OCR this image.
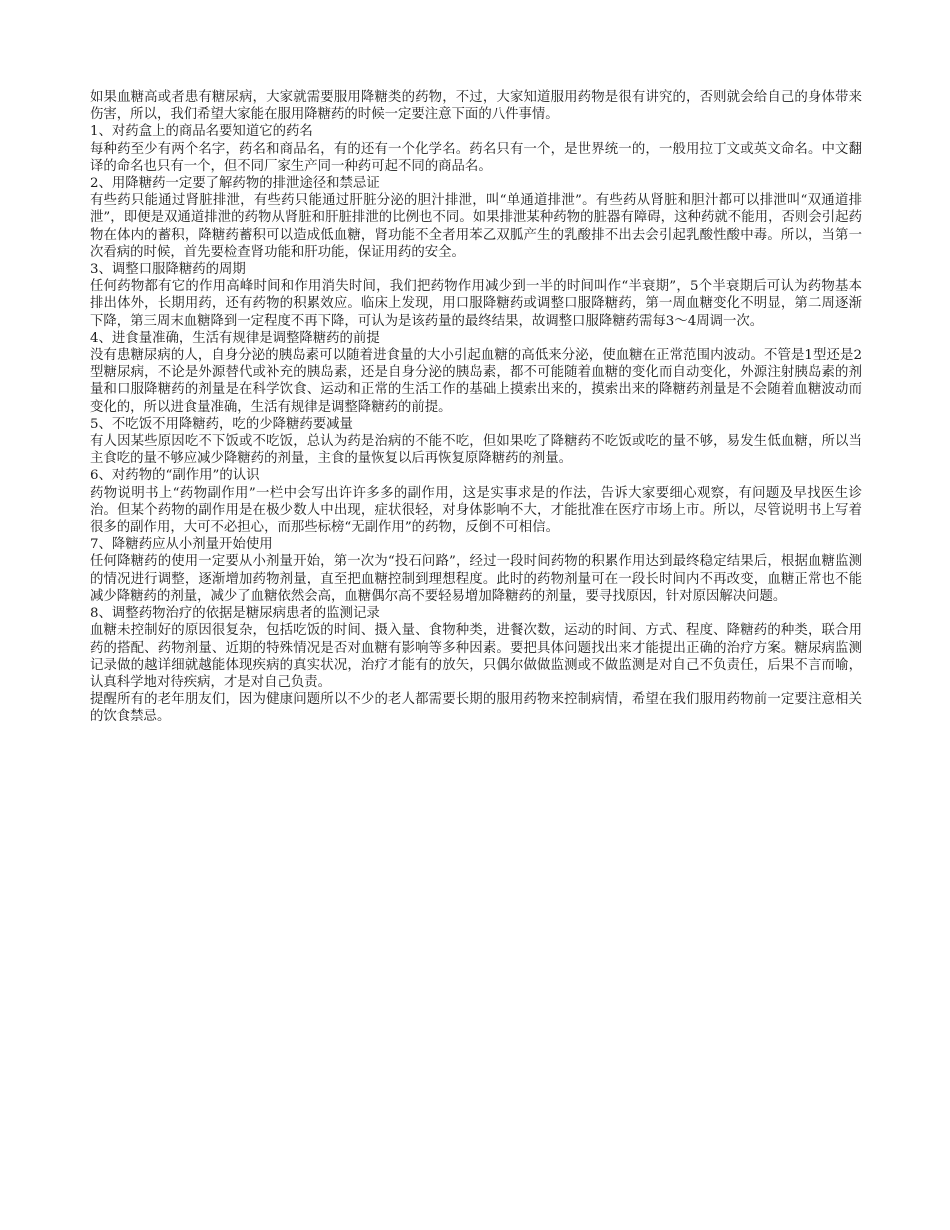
如果血糖高或者患有糖尿病，大家就需要服用降糖类的药物，不过，大家知道服用药物是很有讲究的，否则就会给自己的身体带来伤害，所以，我们希望大家能在服用降糖药的时候一定要注意下面的八件事情。

1、对药盒上的商品名要知道它的药名

每种药至少有两个名字，药名和商品名，有的还有一个化学名。药名只有一个，是世界统一的，一般用拉丁文或英文命名。中文翻译的命名也只有一个，但不同厂家生产同一种药可起不同的商品名。

2、用降糖药一定要了解药物的排泄途径和禁忌证

有些药只能通过肾脏排泄，有些药只能通过肝脏分泌的胆汁排泄，叫“单通道排泄”。有些药从肾脏和胆汁都可以排泄叫“双通道排泄”，即便是双通道排泄的药物从肾脏和肝脏排泄的比例也不同。如果排泄某种药物的脏器有障碍，这种药就不能用，否则会引起药物在体内的蓄积，降糖药蓄积可以造成低血糖，肾功能不全者用苯乙双胍产生的乳酸排不出去会引起乳酸性酸中毒。所以，当第一次看病的时候，首先要检查肾功能和肝功能，保证用药的安全。

3、调整口服降糖药的周期

任何药物都有它的作用高峰时间和作用消失时间，我们把药物作用减少到一半的时间叫作“半衰期”，5个半衰期后可认为药物基本排出体外，长期用药，还有药物的积累效应。临床上发现，用口服降糖药或调整口服降糖药，第一周血糖变化不明显，第二周逐渐下降，第三周末血糖降到一定程度不再下降，可认为是该药量的最终结果，故调整口服降糖药需每3～4周调一次。

4、进食量准确，生活有规律是调整降糖药的前提

没有患糖尿病的人，自身分泌的胰岛素可以随着进食量的大小引起血糖的高低来分泌，使血糖在正常范围内波动。不管是1型还是2型糖尿病，不论是外源替代或补充的胰岛素，还是自身分泌的胰岛素，都不可能随着血糖的变化而自动变化，外源注射胰岛素的剂量和口服降糖药的剂量是在科学饮食、运动和正常的生活工作的基础上摸索出来的，摸索出来的降糖药剂量是不会随着血糖波动而变化的，所以进食量准确，生活有规律是调整降糖药的前提。

5、不吃饭不用降糖药，吃的少降糖药要减量

有人因某些原因吃不下饭或不吃饭，总认为药是治病的不能不吃，但如果吃了降糖药不吃饭或吃的量不够，易发生低血糖，所以当主食吃的量不够应减少降糖药的剂量，主食的量恢复以后再恢复原降糖药的剂量。

6、对药物的“副作用”的认识

药物说明书上“药物副作用”一栏中会写出许许多多的副作用，这是实事求是的作法，告诉大家要细心观察，有问题及早找医生诊治。但某个药物的副作用是在极少数人中出现，症状很轻，对身体影响不大，才能批准在医疗市场上市。所以，尽管说明书上写着很多的副作用，大可不必担心，而那些标榜“无副作用”的药物，反倒不可相信。

7、降糖药应从小剂量开始使用

任何降糖药的使用一定要从小剂量开始，第一次为“投石问路”，经过一段时间药物的积累作用达到最终稳定结果后，根据血糖监测的情况进行调整，逐渐增加药物剂量，直至把血糖控制到理想程度。此时的药物剂量可在一段长时间内不再改变，血糖正常也不能减少降糖药的剂量，减少了血糖依然会高，血糖偶尔高不要轻易增加降糖药的剂量，要寻找原因，针对原因解决问题。

8、调整药物治疗的依据是糖尿病患者的监测记录

血糖未控制好的原因很复杂，包括吃饭的时间、摄入量、食物种类，进餐次数，运动的时间、方式、程度、降糖药的种类，联合用药的搭配、药物剂量、近期的特殊情况是否对血糖有影响等多种因素。要把具体问题找出来才能提出正确的治疗方案。糖尿病监测记录做的越详细就越能体现疾病的真实状况，治疗才能有的放矢，只偶尔做做监测或不做监测是对自己不负责任，后果不言而喻，认真科学地对待疾病，才是对自己负责。

提醒所有的老年朋友们，因为健康问题所以不少的老人都需要长期的服用药物来控制病情，希望在我们服用药物前一定要注意相关的饮食禁忌。
